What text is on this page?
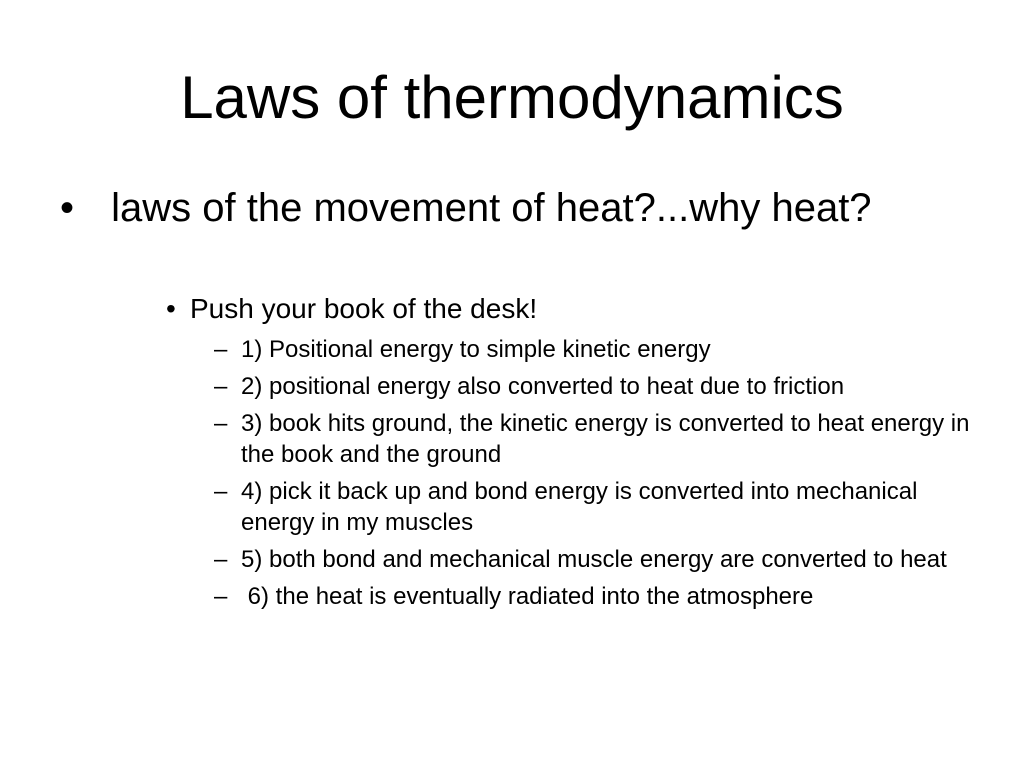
Laws of thermodynamics
• laws of the movement of heat?...why heat?
• Push your book of the desk!
– 1) Positional energy to simple kinetic energy
– 2) positional energy also converted to heat due to friction
– 3) book hits ground, the kinetic energy is converted to heat energy in the book and the ground
– 4) pick it back up and bond energy is converted into mechanical energy in my muscles
– 5) both bond and mechanical muscle energy are converted to heat
– 6) the heat is eventually radiated into the atmosphere
